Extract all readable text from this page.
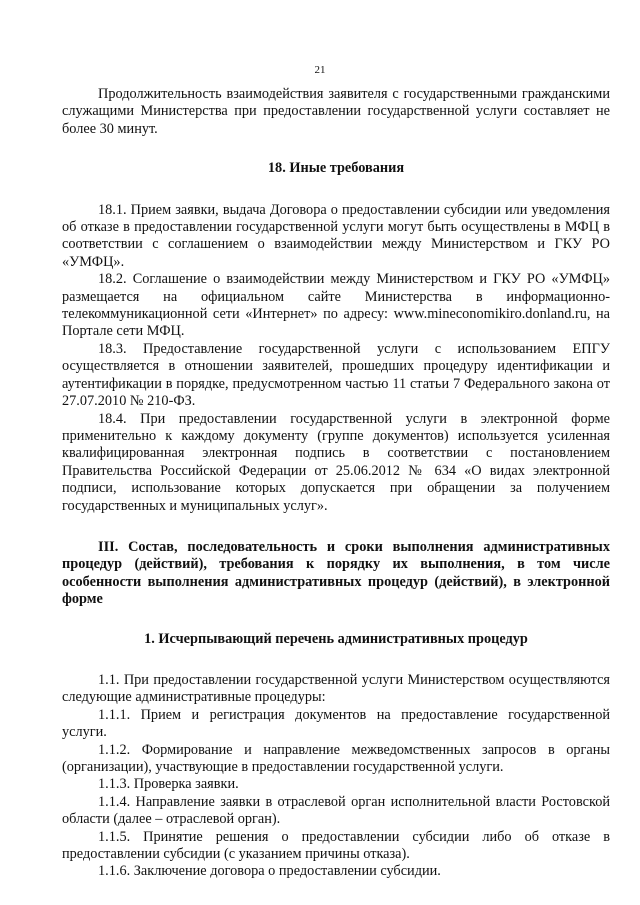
21

Продолжительность взаимодействия заявителя с государственными гражданскими служащими Министерства при предоставлении государственной услуги составляет не более 30 минут.

18. Иные требования

18.1. Прием заявки, выдача Договора о предоставлении субсидии или уведомления об отказе в предоставлении государственной услуги могут быть осуществлены в МФЦ в соответствии с соглашением о взаимодействии между Министерством и ГКУ РО «УМФЦ».

18.2. Соглашение о взаимодействии между Министерством и ГКУ РО «УМФЦ» размещается на официальном сайте Министерства в информационно-телекоммуникационной сети «Интернет» по адресу: www.mineconomikiro.donland.ru, на Портале сети МФЦ.

18.3. Предоставление государственной услуги с использованием ЕПГУ осуществляется в отношении заявителей, прошедших процедуру идентификации и аутентификации в порядке, предусмотренном частью 11 статьи 7 Федерального закона от 27.07.2010 № 210-ФЗ.

18.4. При предоставлении государственной услуги в электронной форме применительно к каждому документу (группе документов) используется усиленная квалифицированная электронная подпись в соответствии с постановлением Правительства Российской Федерации от 25.06.2012 № 634 «О видах электронной подписи, использование которых допускается при обращении за получением государственных и муниципальных услуг».

III. Состав, последовательность и сроки выполнения административных процедур (действий), требования к порядку их выполнения, в том числе особенности выполнения административных процедур (действий), в электронной форме

1. Исчерпывающий перечень административных процедур

1.1. При предоставлении государственной услуги Министерством осуществляются следующие административные процедуры:

1.1.1. Прием и регистрация документов на предоставление государственной услуги.

1.1.2. Формирование и направление межведомственных запросов в органы (организации), участвующие в предоставлении государственной услуги.

1.1.3. Проверка заявки.

1.1.4. Направление заявки в отраслевой орган исполнительной власти Ростовской области (далее – отраслевой орган).

1.1.5. Принятие решения о предоставлении субсидии либо об отказе в предоставлении субсидии (с указанием причины отказа).

1.1.6. Заключение договора о предоставлении субсидии.
